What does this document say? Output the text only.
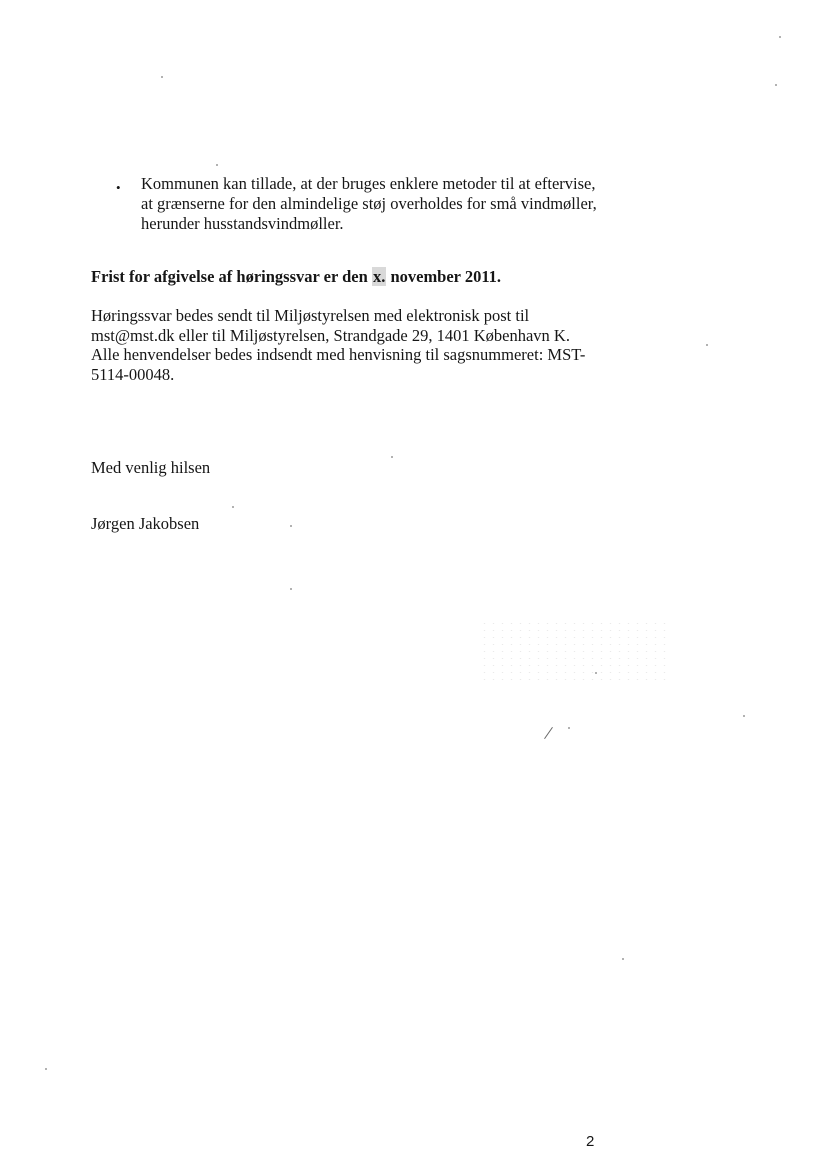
• Kommunen kan tillade, at der bruges enklere metoder til at eftervise,
at grænserne for den almindelige støj overholdes for små vindmøller,
herunder husstandsvindmøller.
Frist for afgivelse af høringssvar er den x. november 2011.
Høringssvar bedes sendt til Miljøstyrelsen med elektronisk post til
mst@mst.dk eller til Miljøstyrelsen, Strandgade 29, 1401 København K.
Alle henvendelser bedes indsendt med henvisning til sagsnummeret: MST-
5114-00048.
Med venlig hilsen
Jørgen Jakobsen
2
